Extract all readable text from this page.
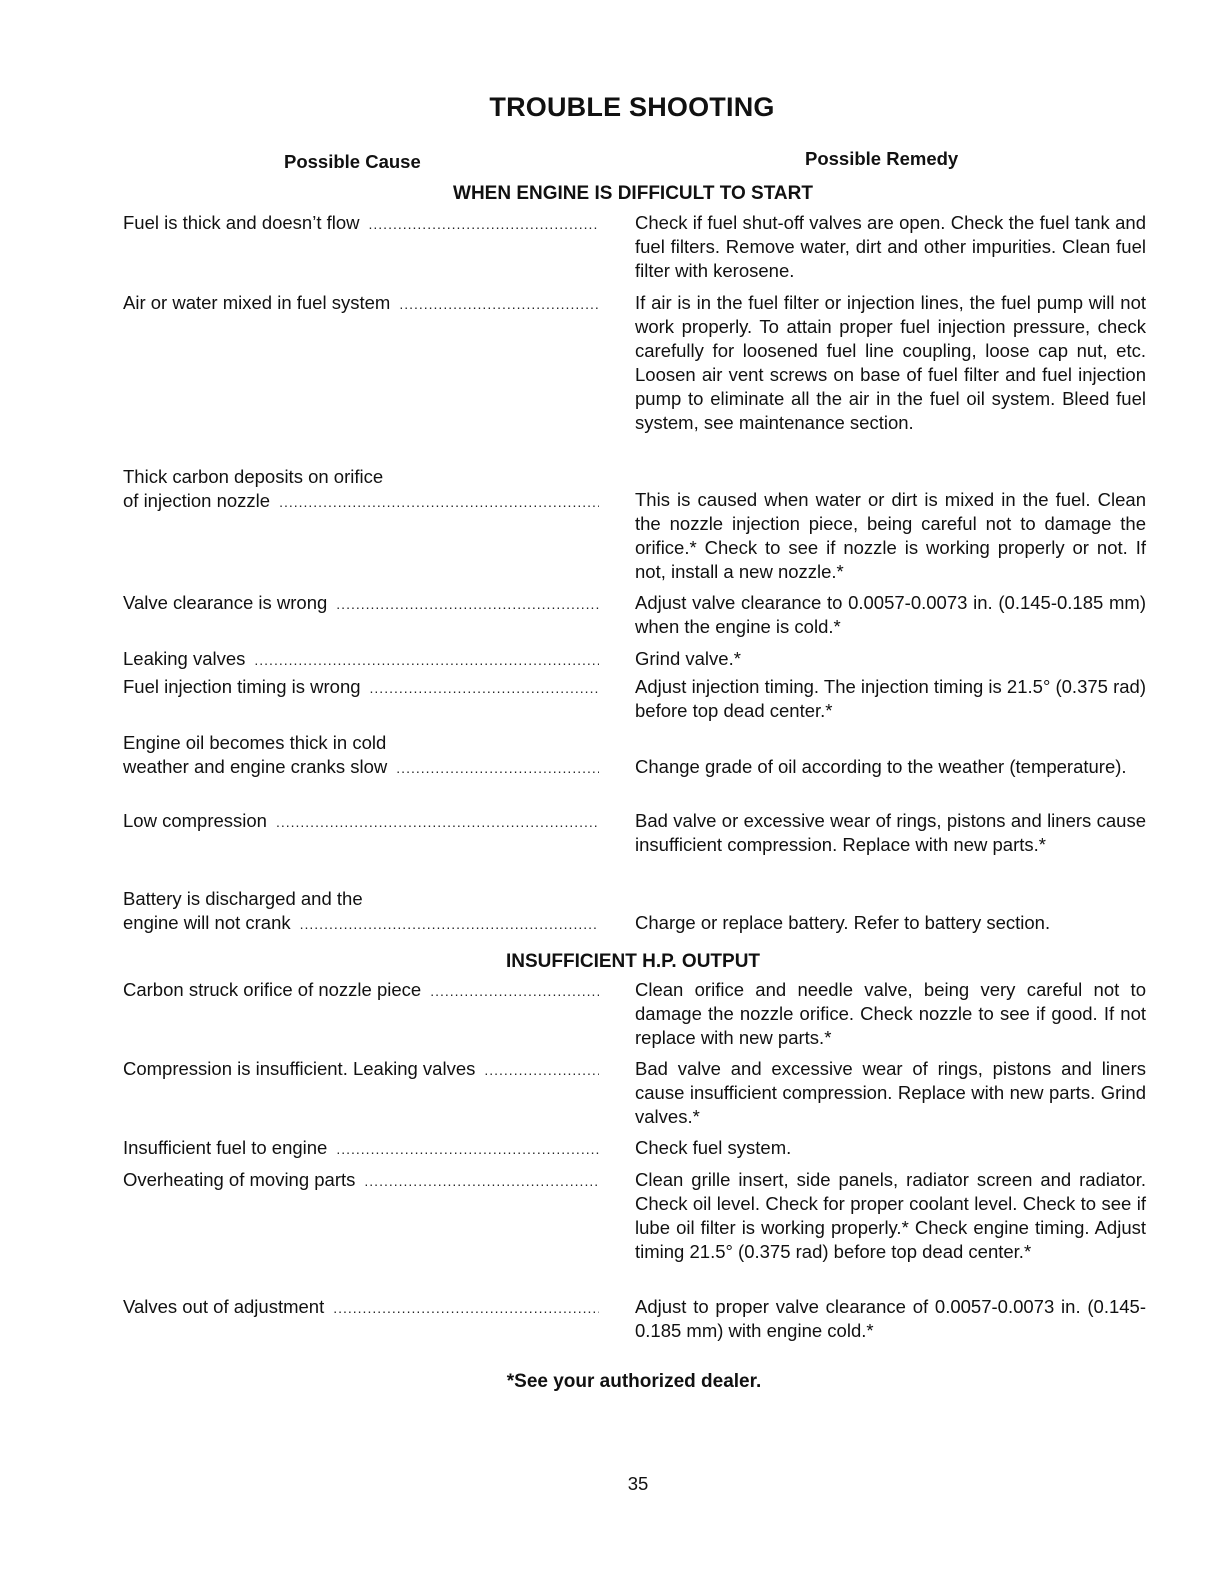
TROUBLE SHOOTING
Possible Cause	Possible Remedy
WHEN ENGINE IS DIFFICULT TO START
Fuel is thick and doesn’t flow .....	Check if fuel shut-off valves are open. Check the fuel tank and fuel filters. Remove water, dirt and other impurities. Clean fuel filter with kerosene.
Air or water mixed in fuel system .....	If air is in the fuel filter or injection lines, the fuel pump will not work properly. To attain proper fuel injection pressure, check carefully for loosened fuel line coupling, loose cap nut, etc. Loosen air vent screws on base of fuel filter and fuel injection pump to eliminate all the air in the fuel oil system. Bleed fuel system, see maintenance section.
Thick carbon deposits on orifice
of injection nozzle .....	This is caused when water or dirt is mixed in the fuel. Clean the nozzle injection piece, being careful not to damage the orifice.* Check to see if nozzle is working properly or not. If not, install a new nozzle.*
Valve clearance is wrong .....	Adjust valve clearance to 0.0057-0.0073 in. (0.145-0.185 mm) when the engine is cold.*
Leaking valves .....	Grind valve.*
Fuel injection timing is wrong .....	Adjust injection timing. The injection timing is 21.5° (0.375 rad) before top dead center.*
Engine oil becomes thick in cold
weather and engine cranks slow .....	Change grade of oil according to the weather (temperature).
Low compression .....	Bad valve or excessive wear of rings, pistons and liners cause insufficient compression. Replace with new parts.*
Battery is discharged and the
engine will not crank .....	Charge or replace battery. Refer to battery section.
INSUFFICIENT H.P. OUTPUT
Carbon struck orifice of nozzle piece .....	Clean orifice and needle valve, being very careful not to damage the nozzle orifice. Check nozzle to see if good. If not replace with new parts.*
Compression is insufficient. Leaking valves .....	Bad valve and excessive wear of rings, pistons and liners cause insufficient compression. Replace with new parts. Grind valves.*
Insufficient fuel to engine .....	Check fuel system.
Overheating of moving parts .....	Clean grille insert, side panels, radiator screen and radiator. Check oil level. Check for proper coolant level. Check to see if lube oil filter is working properly.* Check engine timing. Adjust timing 21.5° (0.375 rad) before top dead center.*
Valves out of adjustment .....	Adjust to proper valve clearance of 0.0057-0.0073 in. (0.145-0.185 mm) with engine cold.*
*See your authorized dealer.
35
